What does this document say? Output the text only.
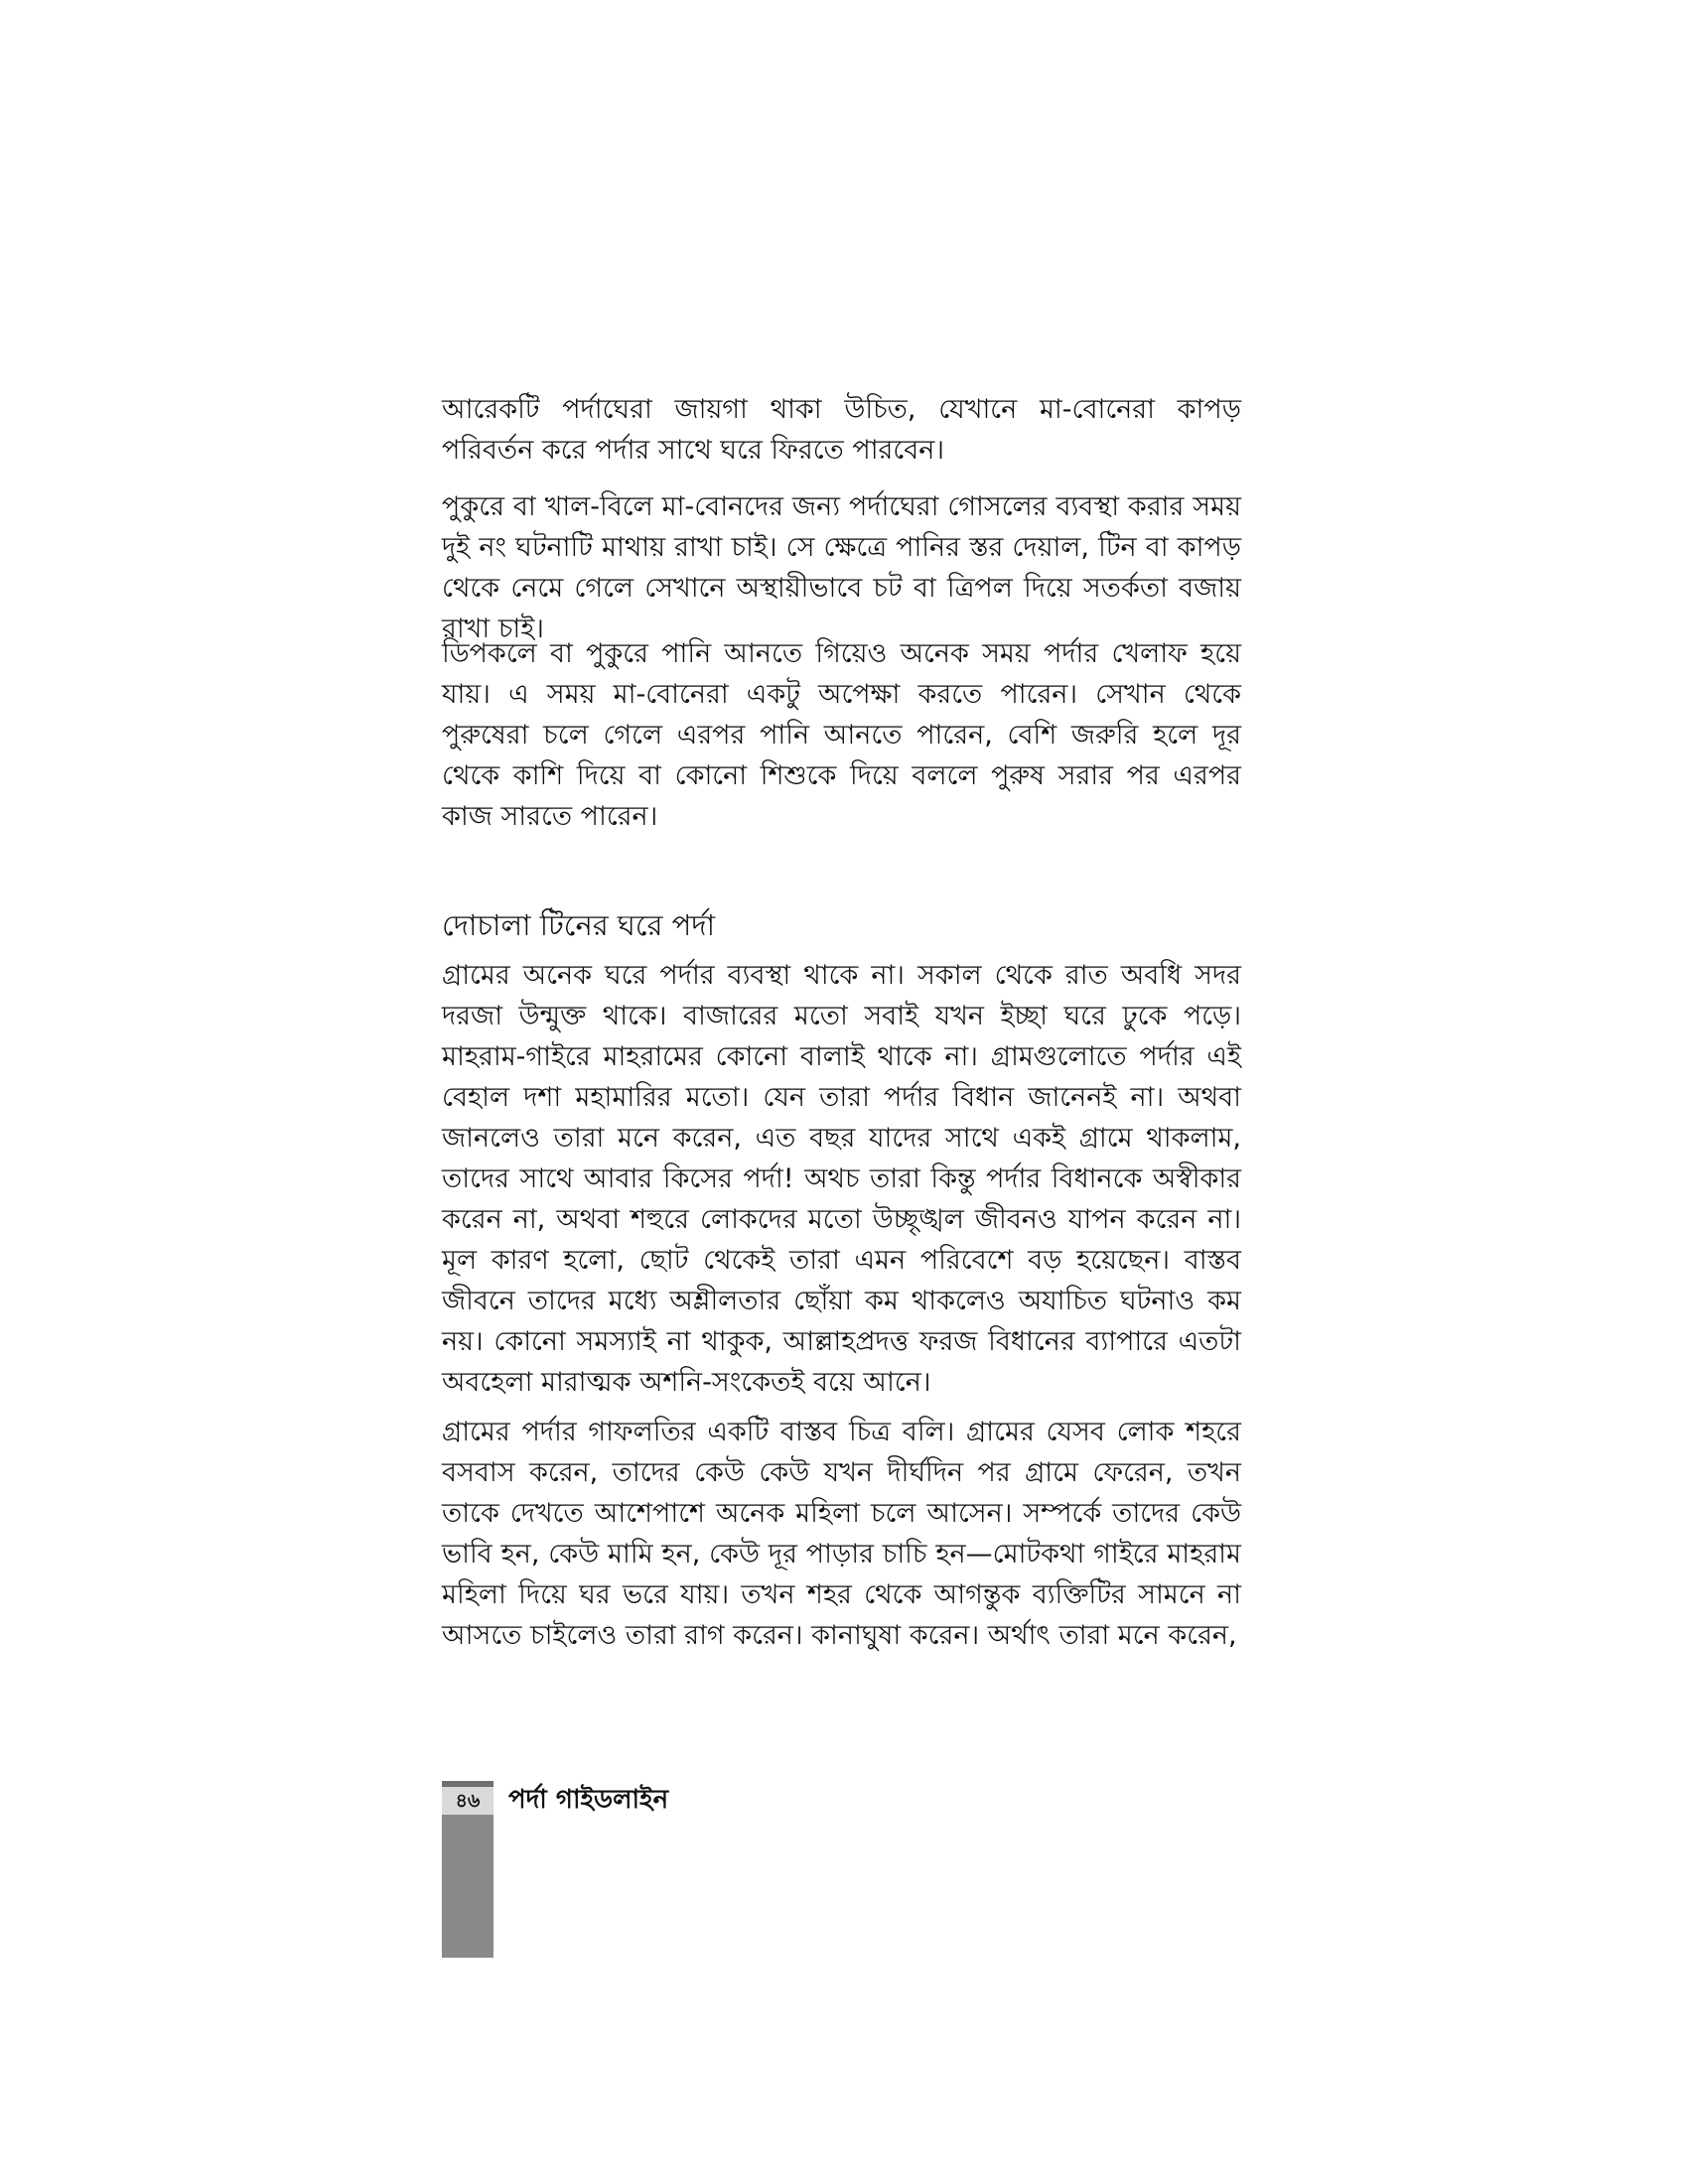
আরেকটি পর্দাঘেরা জায়গা থাকা উচিত, যেখানে মা-বোনেরা কাপড় পরিবর্তন করে পর্দার সাথে ঘরে ফিরতে পারবেন।

পুকুরে বা খাল-বিলে মা-বোনদের জন্য পর্দাঘেরা গোসলের ব্যবস্থা করার সময় দুই নং ঘটনাটি মাথায় রাখা চাই। সে ক্ষেত্রে পানির স্তর দেয়াল, টিন বা কাপড় থেকে নেমে গেলে সেখানে অস্থায়ীভাবে চট বা ত্রিপল দিয়ে সতর্কতা বজায় রাখা চাই।

ডিপকলে বা পুকুরে পানি আনতে গিয়েও অনেক সময় পর্দার খেলাফ হয়ে যায়। এ সময় মা-বোনেরা একটু অপেক্ষা করতে পারেন। সেখান থেকে পুরুষেরা চলে গেলে এরপর পানি আনতে পারেন, বেশি জরুরি হলে দূর থেকে কাশি দিয়ে বা কোনো শিশুকে দিয়ে বললে পুরুষ সরার পর এরপর কাজ সারতে পারেন।

দোচালা টিনের ঘরে পর্দা

গ্রামের অনেক ঘরে পর্দার ব্যবস্থা থাকে না। সকাল থেকে রাত অবধি সদর দরজা উন্মুক্ত থাকে। বাজারের মতো সবাই যখন ইচ্ছা ঘরে ঢুকে পড়ে। মাহরাম-গাইরে মাহরামের কোনো বালাই থাকে না। গ্রামগুলোতে পর্দার এই বেহাল দশা মহামারির মতো। যেন তারা পর্দার বিধান জানেনই না। অথবা জানলেও তারা মনে করেন, এত বছর যাদের সাথে একই গ্রামে থাকলাম, তাদের সাথে আবার কিসের পর্দা! অথচ তারা কিন্তু পর্দার বিধানকে অস্বীকার করেন না, অথবা শহুরে লোকদের মতো উচ্ছৃঙ্খল জীবনও যাপন করেন না। মূল কারণ হলো, ছোট থেকেই তারা এমন পরিবেশে বড় হয়েছেন। বাস্তব জীবনে তাদের মধ্যে অশ্লীলতার ছোঁয়া কম থাকলেও অযাচিত ঘটনাও কম নয়। কোনো সমস্যাই না থাকুক, আল্লাহপ্রদত্ত ফরজ বিধানের ব্যাপারে এতটা অবহেলা মারাত্মক অশনি-সংকেতই বয়ে আনে।

গ্রামের পর্দার গাফলতির একটি বাস্তব চিত্র বলি। গ্রামের যেসব লোক শহরে বসবাস করেন, তাদের কেউ কেউ যখন দীর্ঘদিন পর গ্রামে ফেরেন, তখন তাকে দেখতে আশেপাশে অনেক মহিলা চলে আসেন। সম্পর্কে তাদের কেউ ভাবি হন, কেউ মামি হন, কেউ দূর পাড়ার চাচি হন—মোটকথা গাইরে মাহরাম মহিলা দিয়ে ঘর ভরে যায়। তখন শহর থেকে আগন্তুক ব্যক্তিটির সামনে না আসতে চাইলেও তারা রাগ করেন। কানাঘুষা করেন। অর্থাৎ তারা মনে করেন,

৪৬	পর্দা গাইডলাইন
